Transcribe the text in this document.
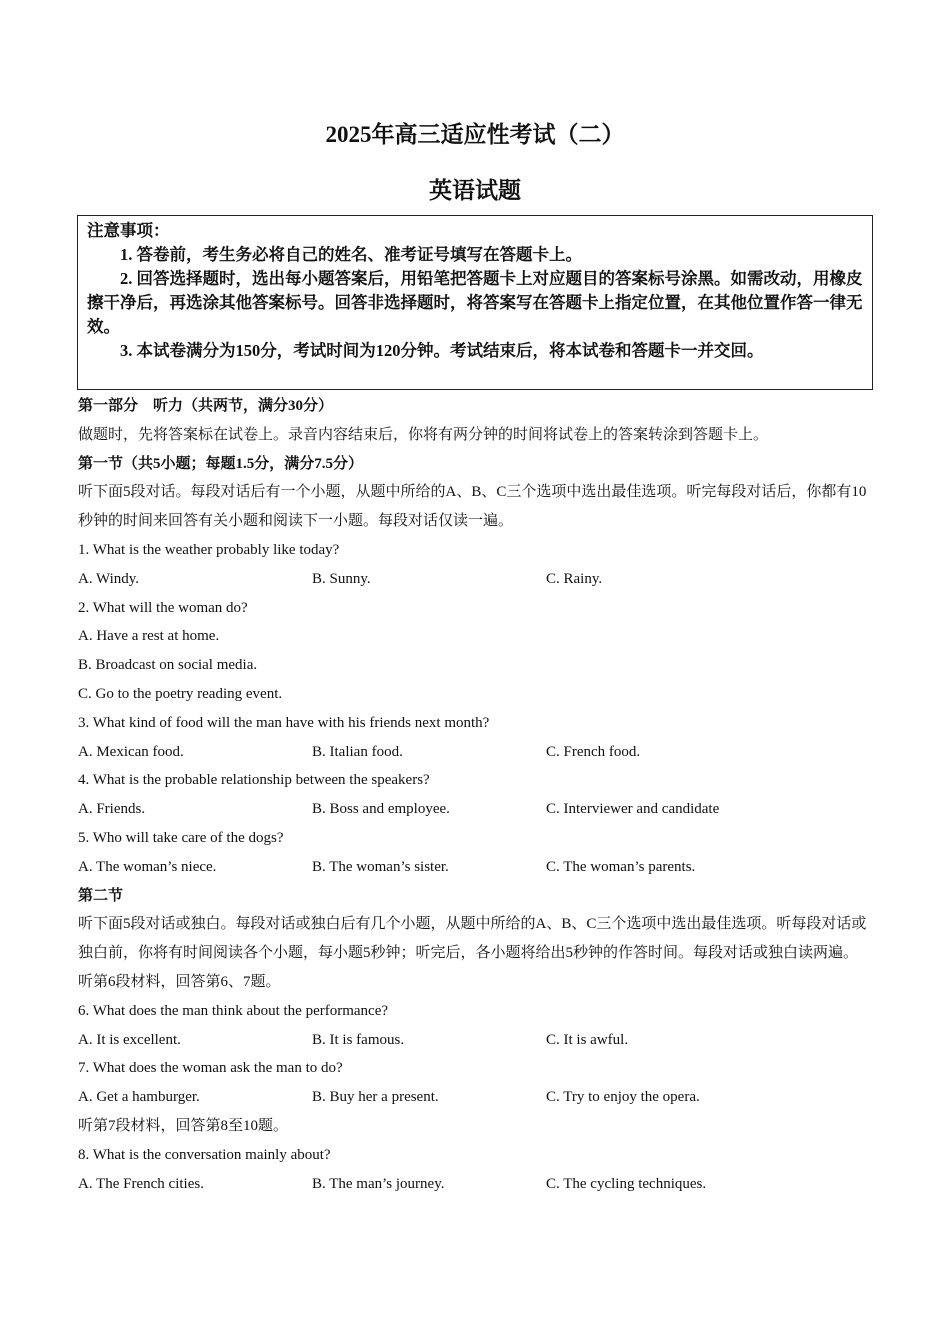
2025年高三适应性考试（二）
英语试题

注意事项：

1. 答卷前，考生务必将自己的姓名、准考证号填写在答题卡上。

2. 回答选择题时，选出每小题答案后，用铅笔把答题卡上对应题目的答案标号涂黑。如需改动，用橡皮擦干净后，再选涂其他答案标号。回答非选择题时，将答案写在答题卡上指定位置，在其他位置作答一律无效。

3. 本试卷满分为150分，考试时间为120分钟。考试结束后，将本试卷和答题卡一并交回。

第一部分　听力（共两节，满分30分）
做题时，先将答案标在试卷上。录音内容结束后，你将有两分钟的时间将试卷上的答案转涂到答题卡上。
第一节（共5小题；每题1.5分，满分7.5分）

听下面5段对话。每段对话后有一个小题，从题中所给的A、B、C三个选项中选出最佳选项。听完每段对话后，你都有10秒钟的时间来回答有关小题和阅读下一小题。每段对话仅读一遍。

1. What is the weather probably like today?
A. Windy.	B. Sunny.	C. Rainy.
2. What will the woman do?
A. Have a rest at home.
B. Broadcast on social media.
C. Go to the poetry reading event.
3. What kind of food will the man have with his friends next month?
A. Mexican food.	B. Italian food.	C. French food.
4. What is the probable relationship between the speakers?
A. Friends.	B. Boss and employee.	C. Interviewer and candidate
5. Who will take care of the dogs?
A. The woman’s niece.	B. The woman’s sister.	C. The woman’s parents.
第二节

听下面5段对话或独白。每段对话或独白后有几个小题，从题中所给的A、B、C三个选项中选出最佳选项。听每段对话或独白前，你将有时间阅读各个小题，每小题5秒钟；听完后，各小题将给出5秒钟的作答时间。每段对话或独白读两遍。

听第6段材料，回答第6、7题。
6. What does the man think about the performance?
A. It is excellent.	B. It is famous.	C. It is awful.
7. What does the woman ask the man to do?
A. Get a hamburger.	B. Buy her a present.	C. Try to enjoy the opera.
听第7段材料，回答第8至10题。
8. What is the conversation mainly about?
A. The French cities.	B. The man’s journey.	C. The cycling techniques.
